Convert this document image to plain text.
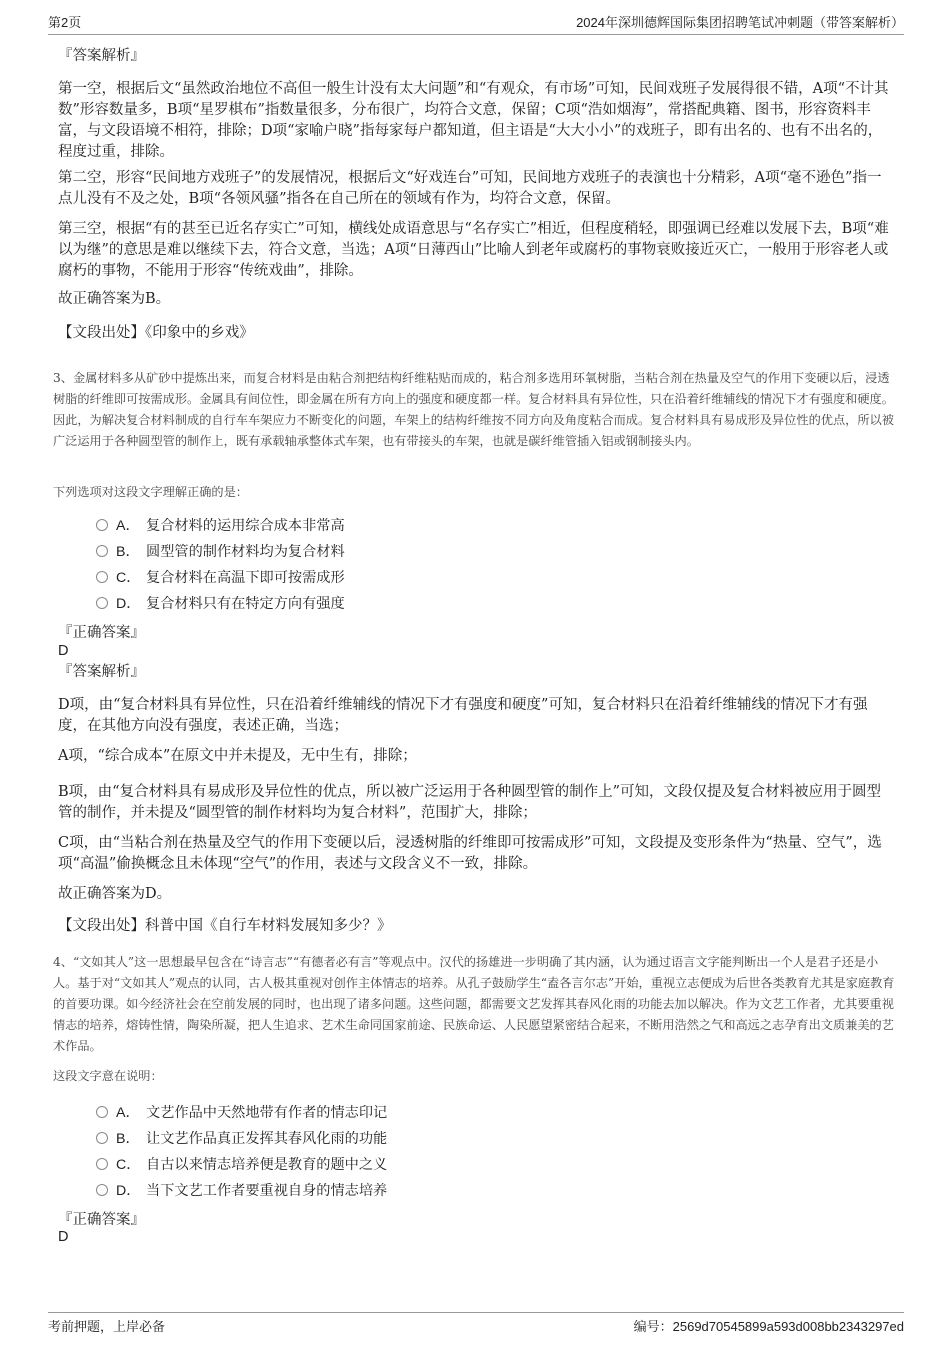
第2页	2024年深圳德辉国际集团招聘笔试冲刺题（带答案解析）
『答案解析』
第一空，根据后文“虽然政治地位不高但一般生计没有太大问题”和“有观众，有市场”可知，民间戏班子发展得很不错，A项“不计其数”形容数量多，B项“星罗棋布”指数量很多，分布很广，均符合文意，保留；C项“浩如烟海”，常搭配典籍、图书，形容资料丰富，与文段语境不相符，排除；D项“家喻户晓”指每家每户都知道，但主语是“大大小小”的戏班子，即有出名的、也有不出名的，程度过重，排除。
第二空，形容“民间地方戏班子”的发展情况，根据后文“好戏连台”可知，民间地方戏班子的表演也十分精彩，A项“毫不逊色”指一点儿没有不及之处，B项“各领风骚”指各在自己所在的领域有作为，均符合文意，保留。
第三空，根据“有的甚至已近名存实亡”可知，横线处成语意思与“名存实亡”相近，但程度稍轻，即强调已经难以发展下去，B项“难以为继”的意思是难以继续下去，符合文意，当选；A项“日薄西山”比喻人到老年或腐朽的事物衰败接近灭亡，一般用于形容老人或腐朽的事物，不能用于形容“传统戏曲”，排除。
故正确答案为B。
【文段出处】《印象中的乡戏》
3、金属材料多从矿砂中提炼出来，而复合材料是由粘合剂把结构纤维粘贴而成的，粘合剂多选用环氧树脂，当粘合剂在热量及空气的作用下变硬以后，浸透树脂的纤维即可按需成形。金属具有间位性，即金属在所有方向上的强度和硬度都一样。复合材料具有异位性，只在沿着纤维辅线的情况下才有强度和硬度。因此，为解决复合材料制成的自行车车架应力不断变化的问题，车架上的结构纤维按不同方向及角度粘合而成。复合材料具有易成形及异位性的优点，所以被广泛运用于各种圆型管的制作上，既有承载轴承整体式车架，也有带接头的车架，也就是碳纤维管插入铝或钢制接头内。
下列选项对这段文字理解正确的是：
A． 复合材料的运用综合成本非常高
B． 圆型管的制作材料均为复合材料
C． 复合材料在高温下即可按需成形
D． 复合材料只有在特定方向有强度
『正确答案』
D
『答案解析』
D项，由“复合材料具有异位性，只在沿着纤维辅线的情况下才有强度和硬度”可知，复合材料只在沿着纤维辅线的情况下才有强度，在其他方向没有强度，表述正确，当选；
A项，“综合成本”在原文中并未提及，无中生有，排除；
B项，由“复合材料具有易成形及异位性的优点，所以被广泛运用于各种圆型管的制作上”可知，文段仅提及复合材料被应用于圆型管的制作，并未提及“圆型管的制作材料均为复合材料”，范围扩大，排除；
C项，由“当粘合剂在热量及空气的作用下变硬以后，浸透树脂的纤维即可按需成形”可知，文段提及变形条件为“热量、空气”，选项“高温”偷换概念且未体现“空气”的作用，表述与文段含义不一致，排除。
故正确答案为D。
【文段出处】科普中国《自行车材料发展知多少？》
4、“文如其人”这一思想最早包含在“诗言志”“有德者必有言”等观点中。汉代的扬雄进一步明确了其内涵，认为通过语言文字能判断出一个人是君子还是小人。基于对“文如其人”观点的认同，古人极其重视对创作主体情志的培养。从孔子鼓励学生“盍各言尔志”开始，重视立志便成为后世各类教育尤其是家庭教育的首要功课。如今经济社会在空前发展的同时，也出现了诸多问题。这些问题，都需要文艺发挥其春风化雨的功能去加以解决。作为文艺工作者，尤其要重视情志的培养，熔铸性情，陶染所凝，把人生追求、艺术生命同国家前途、民族命运、人民愿望紧密结合起来，不断用浩然之气和高远之志孕育出文质兼美的艺术作品。
这段文字意在说明：
A． 文艺作品中天然地带有作者的情志印记
B． 让文艺作品真正发挥其春风化雨的功能
C． 自古以来情志培养便是教育的题中之义
D． 当下文艺工作者要重视自身的情志培养
『正确答案』
D
考前押题，上岸必备	编号：2569d70545899a593d008bb2343297ed
